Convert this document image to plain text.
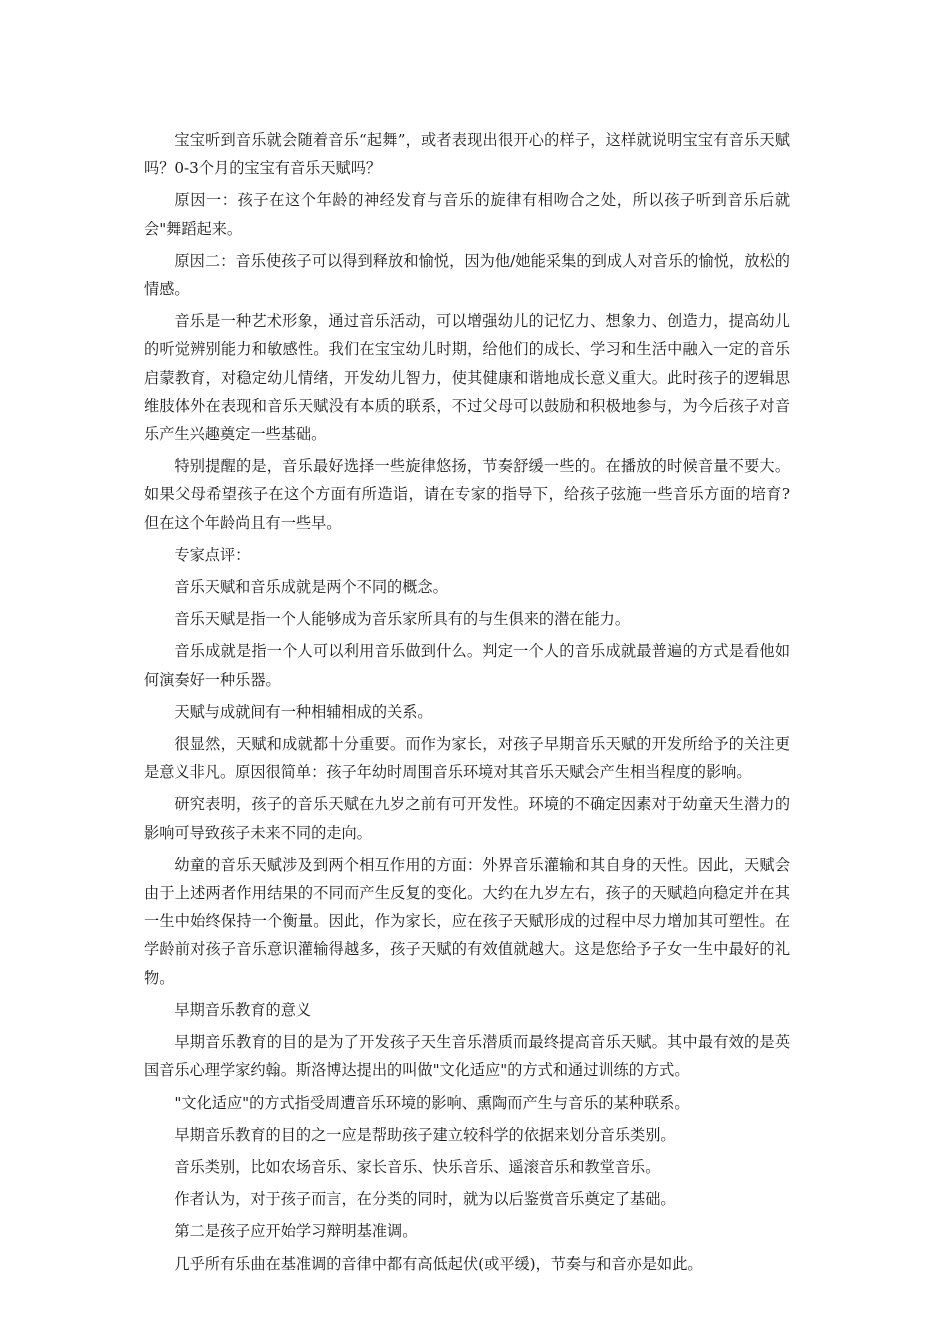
宝宝听到音乐就会随着音乐“起舞”，或者表现出很开心的样子，这样就说明宝宝有音乐天赋吗？0-3个月的宝宝有音乐天赋吗？

原因一：孩子在这个年龄的神经发育与音乐的旋律有相吻合之处，所以孩子听到音乐后就会"舞蹈起来。

原因二：音乐使孩子可以得到释放和愉悦，因为他/她能采集的到成人对音乐的愉悦，放松的情感。

音乐是一种艺术形象，通过音乐活动，可以增强幼儿的记忆力、想象力、创造力，提高幼儿的听觉辨别能力和敏感性。我们在宝宝幼儿时期，给他们的成长、学习和生活中融入一定的音乐启蒙教育，对稳定幼儿情绪，开发幼儿智力，使其健康和谐地成长意义重大。此时孩子的逻辑思维肢体外在表现和音乐天赋没有本质的联系，不过父母可以鼓励和积极地参与，为今后孩子对音乐产生兴趣奠定一些基础。

特别提醒的是，音乐最好选择一些旋律悠扬，节奏舒缓一些的。在播放的时候音量不要大。如果父母希望孩子在这个方面有所造诣，请在专家的指导下，给孩子弦施一些音乐方面的培育?但在这个年龄尚且有一些早。

专家点评：

音乐天赋和音乐成就是两个不同的概念。

音乐天赋是指一个人能够成为音乐家所具有的与生俱来的潜在能力。

音乐成就是指一个人可以利用音乐做到什么。判定一个人的音乐成就最普遍的方式是看他如何演奏好一种乐器。

天赋与成就间有一种相辅相成的关系。

很显然，天赋和成就都十分重要。而作为家长，对孩子早期音乐天赋的开发所给予的关注更是意义非凡。原因很简单：孩子年幼时周围音乐环境对其音乐天赋会产生相当程度的影响。

研究表明，孩子的音乐天赋在九岁之前有可开发性。环境的不确定因素对于幼童天生潜力的影响可导致孩子未来不同的走向。

幼童的音乐天赋涉及到两个相互作用的方面：外界音乐灌输和其自身的天性。因此，天赋会由于上述两者作用结果的不同而产生反复的变化。大约在九岁左右，孩子的天赋趋向稳定并在其一生中始终保持一个衡量。因此，作为家长，应在孩子天赋形成的过程中尽力增加其可塑性。在学龄前对孩子音乐意识灌输得越多，孩子天赋的有效值就越大。这是您给予子女一生中最好的礼物。

早期音乐教育的意义

早期音乐教育的目的是为了开发孩子天生音乐潜质而最终提高音乐天赋。其中最有效的是英国音乐心理学家约翰。斯洛博达提出的叫做"文化适应"的方式和通过训练的方式。

"文化适应"的方式指受周遭音乐环境的影响、熏陶而产生与音乐的某种联系。

早期音乐教育的目的之一应是帮助孩子建立较科学的依据来划分音乐类别。

音乐类别，比如农场音乐、家长音乐、快乐音乐、遥滚音乐和教堂音乐。

作者认为，对于孩子而言，在分类的同时，就为以后鉴赏音乐奠定了基础。

第二是孩子应开始学习辩明基准调。

几乎所有乐曲在基准调的音律中都有高低起伏(或平缓)，节奏与和音亦是如此。
